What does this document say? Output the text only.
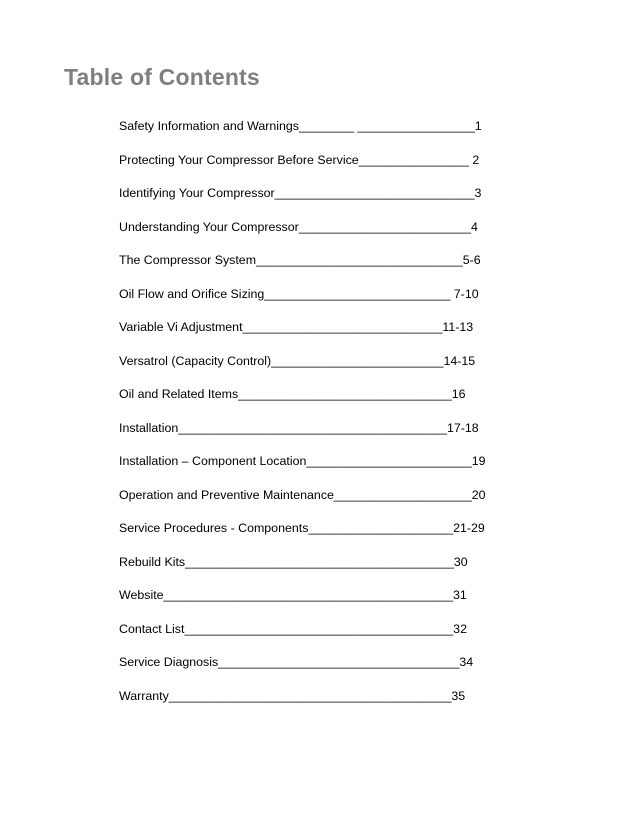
Table of Contents
Safety Information and Warnings________ _________________1
Protecting Your Compressor Before Service________________ 2
Identifying Your Compressor_____________________________3
Understanding Your Compressor_________________________4
The Compressor System______________________________5-6
Oil Flow and Orifice Sizing___________________________ 7-10
Variable Vi Adjustment_____________________________11-13
Versatrol (Capacity Control)_________________________14-15
Oil and Related Items_______________________________16
Installation_______________________________________17-18
Installation – Component Location________________________19
Operation and Preventive Maintenance____________________20
Service Procedures - Components_____________________21-29
Rebuild Kits_______________________________________30
Website__________________________________________31
Contact List_______________________________________32
Service Diagnosis___________________________________34
Warranty_________________________________________35
